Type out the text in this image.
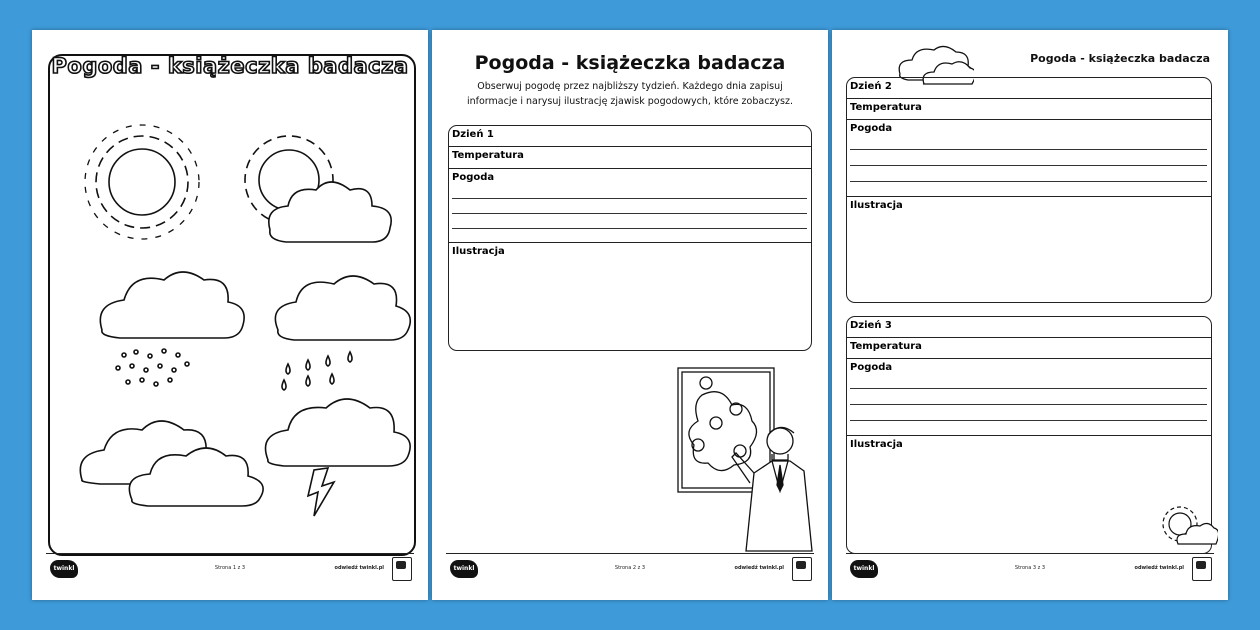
Pogoda - książeczka badacza
twinkl	Strona 1 z 3	odwiedź twinkl.pl
Pogoda - książeczka badacza
Obserwuj pogodę przez najbliższy tydzień. Każdego dnia zapisuj
informacje i narysuj ilustrację zjawisk pogodowych, które zobaczysz.
Dzień 1
Temperatura
Pogoda
Ilustracja
twinkl	Strona 2 z 3	odwiedź twinkl.pl
Pogoda - książeczka badacza
Dzień 2
Temperatura
Pogoda
Ilustracja
Dzień 3
Temperatura
Pogoda
Ilustracja
twinkl	Strona 3 z 3	odwiedź twinkl.pl
